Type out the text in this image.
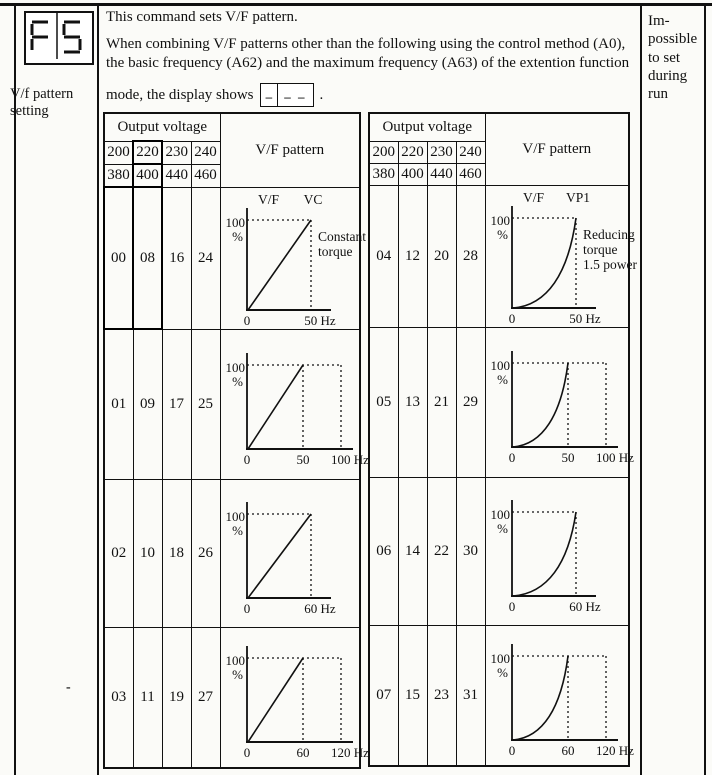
V/f pattern setting
-

This command sets V/F pattern.

When combining V/F patterns other than the following using the control method (A0), the basic frequency (A62) and the maximum frequency (A63) of the extention function

mode, the display shows – – – .

Im-
possible
to set
during
run
Output voltage				V/F pattern
200	220	230	240	
380	400	440	460	
00	08	16	24	
100
%
0	50 Hz
V/F VC
Constant
torque

01	09	17	25	100
%
0 50 100 Hz

02	10	18	26	100
%
0 60 Hz

03	11	19	27	100
%
0 60 120 Hz
Output voltage				V/F pattern
200	220	230	240	
380	400	440	460	
04	12	20	28	
100
%
0	50 Hz
V/F VP1
Reducing
torque
1.5 power

05	13	21	29	100
%
0 50 100 Hz

06	14	22	30	100
%
0 60 Hz

07	15	23	31	100
%
0 60 120 Hz
